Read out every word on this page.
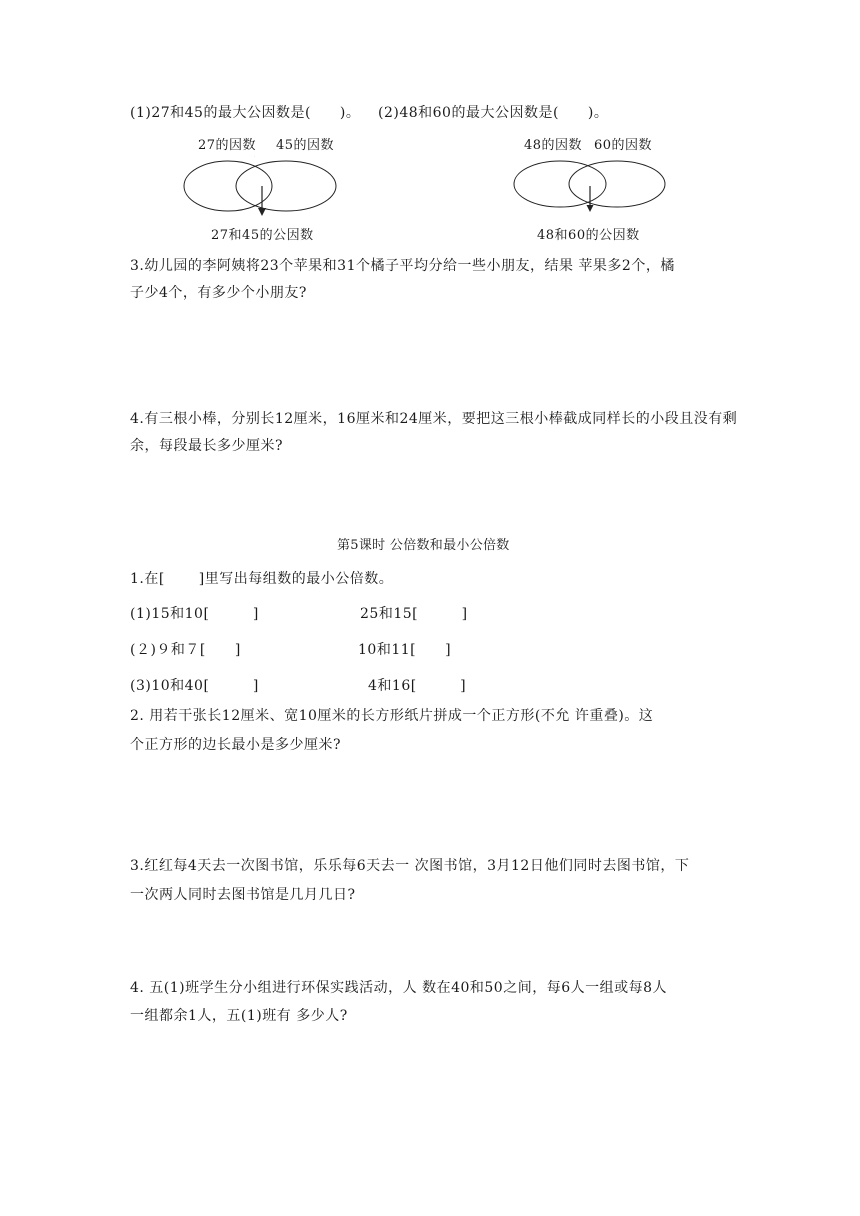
(1)27和45的最大公因数是(　　)。 (2)48和60的最大公因数是(　　)。
27的因数 45的因数
'
27和45的公因数
48的因数 60的因数
48和60的公因数
3.幼儿园的李阿姨将23个苹果和31个橘子平均分给一些小朋友，结果 苹果多2个，橘
子少4个，有多少个小朋友?
4.有三根小棒，分别长12厘米，16厘米和24厘米，要把这三根小棒截成同样长的小段且没有剩
余，每段最长多少厘米?
第5课时 公倍数和最小公倍数
1.在[　　 ]里写出每组数的最小公倍数。
(1)15和10[　　　]	25和15[　　　]
(２)９和７[　　]	10和11[　　]
(3)10和40[　　　]	4和16[　　　]
2. 用若干张长12厘米、宽10厘米的长方形纸片拼成一个正方形(不允 许重叠)。这
个正方形的边长最小是多少厘米?
3.红红每4天去一次图书馆，乐乐每6天去一 次图书馆，3月12日他们同时去图书馆，下
一次两人同时去图书馆是几月几日?
4. 五(1)班学生分小组进行环保实践活动，人 数在40和50之间，每6人一组或每8人
一组都余1人，五(1)班有 多少人?
